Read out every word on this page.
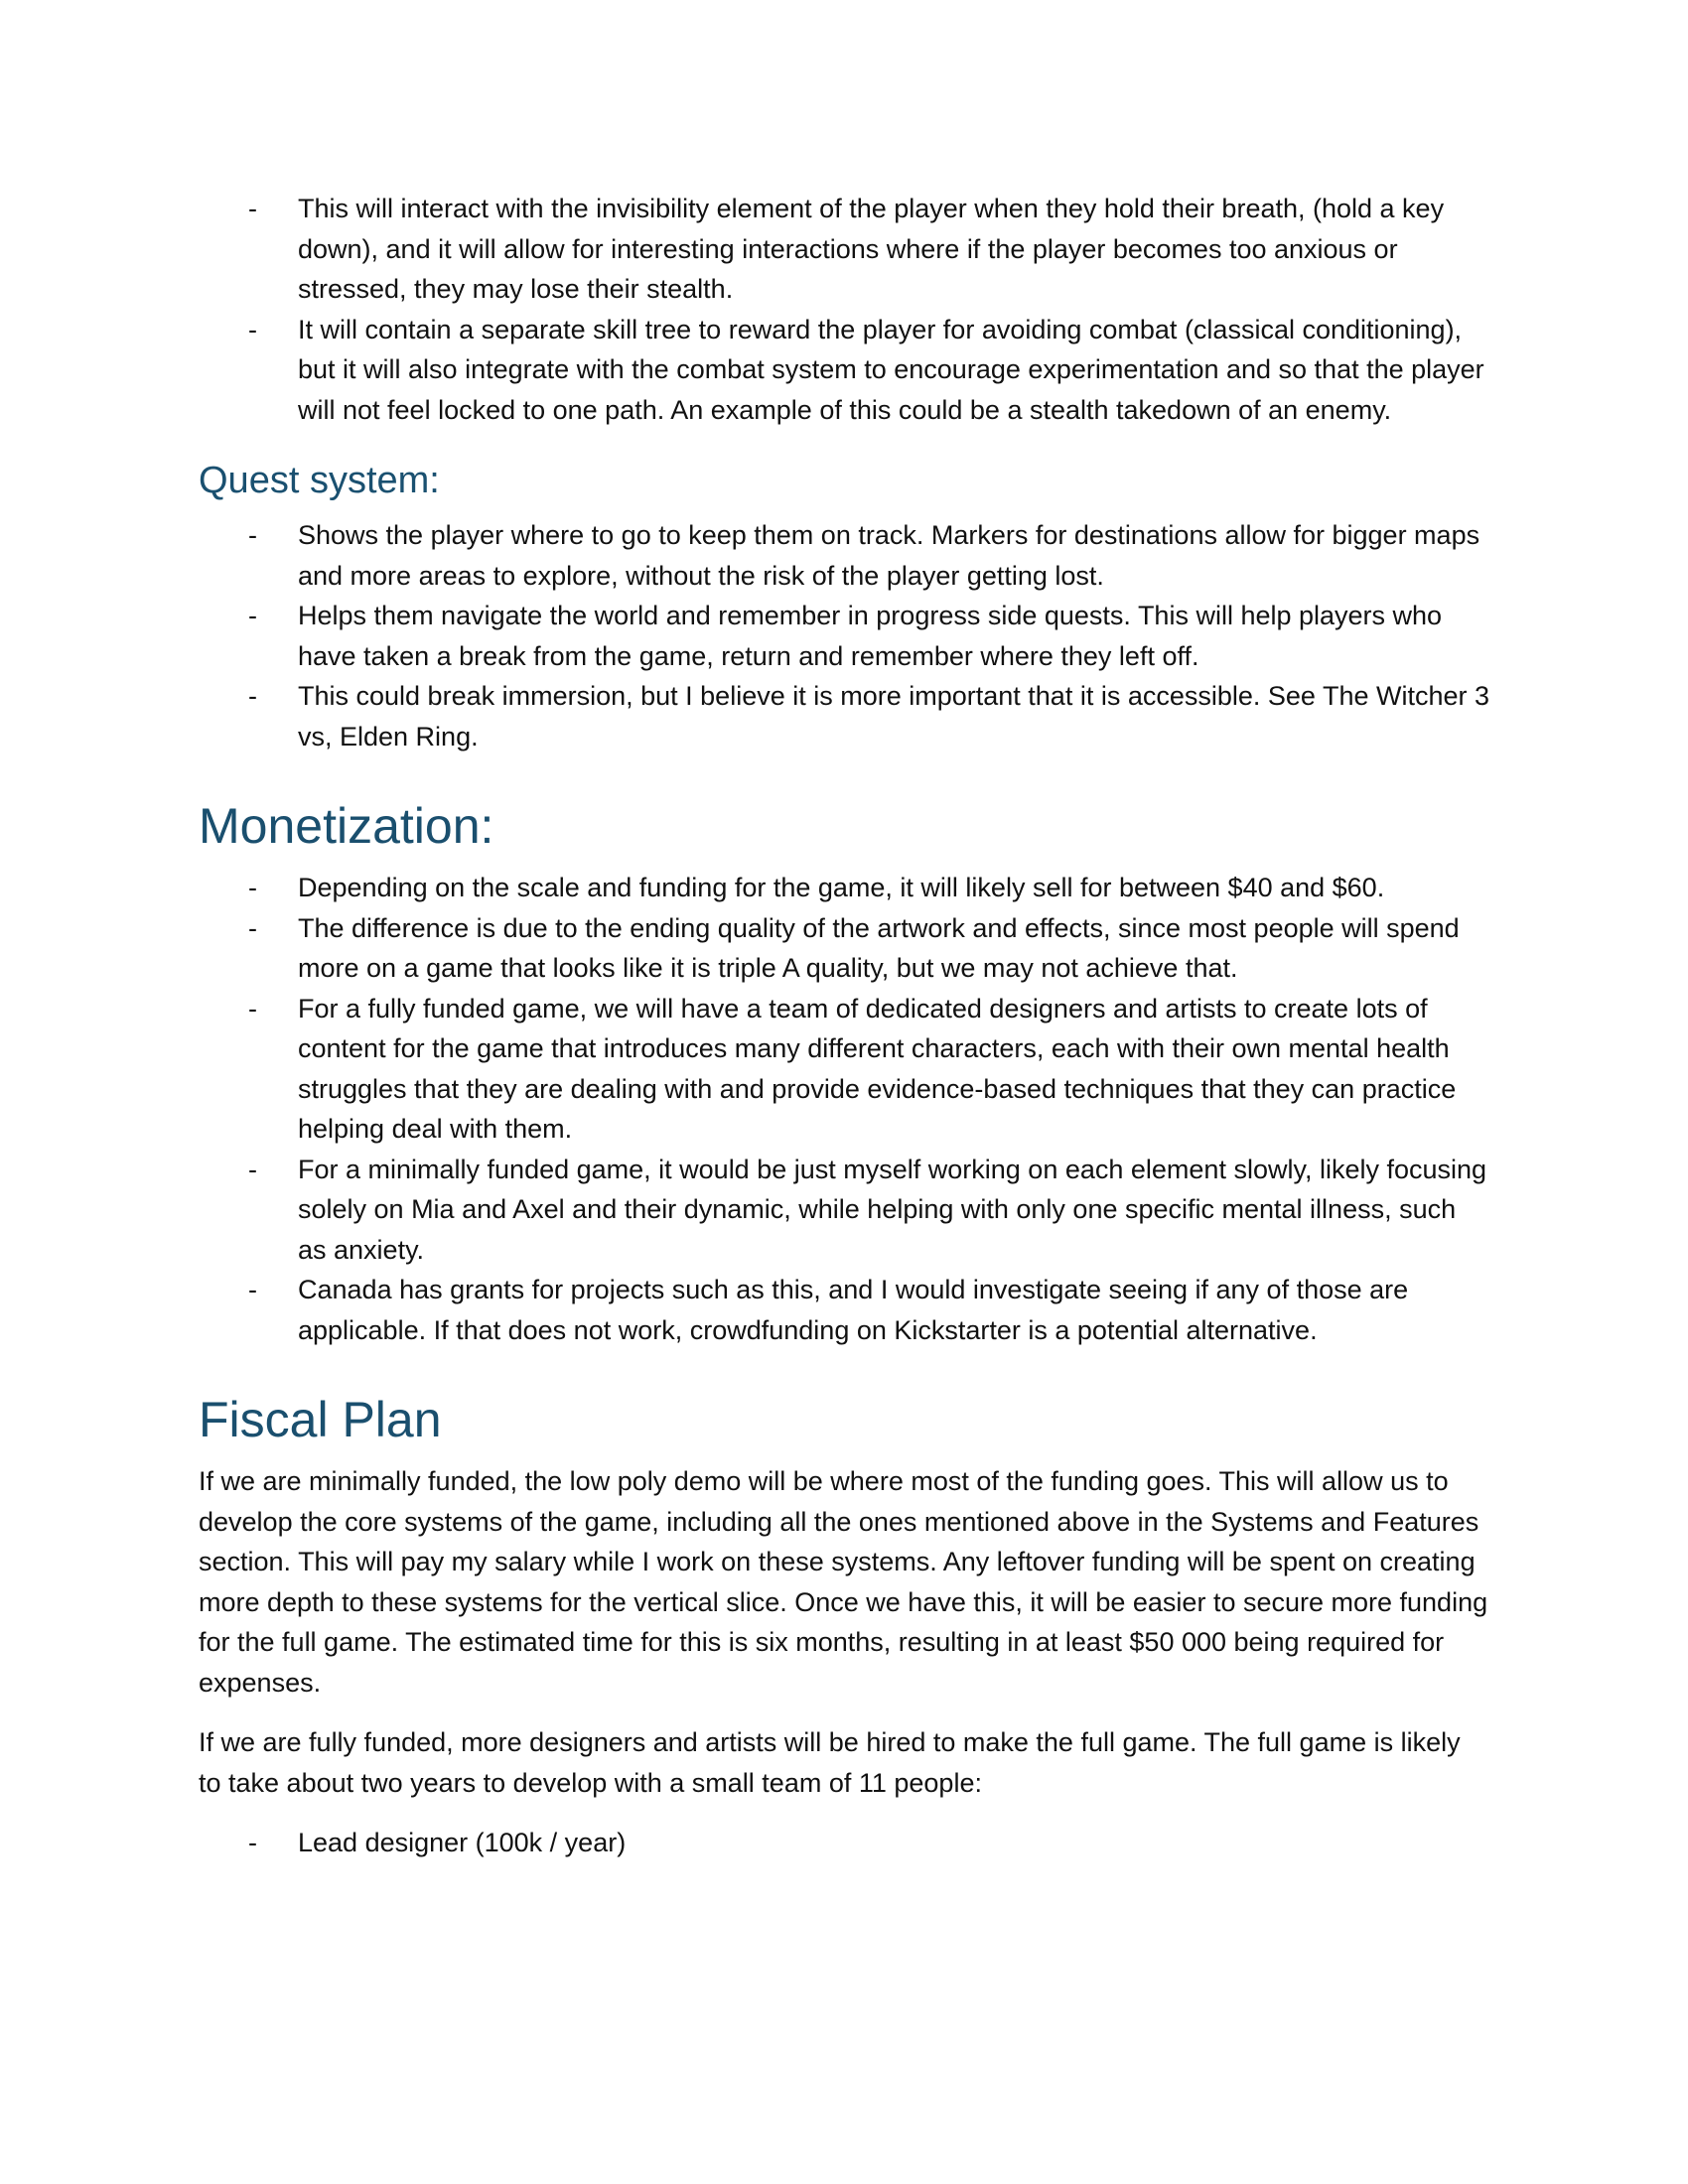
- This will interact with the invisibility element of the player when they hold their breath, (hold a key down), and it will allow for interesting interactions where if the player becomes too anxious or stressed, they may lose their stealth.
- It will contain a separate skill tree to reward the player for avoiding combat (classical conditioning), but it will also integrate with the combat system to encourage experimentation and so that the player will not feel locked to one path. An example of this could be a stealth takedown of an enemy.
Quest system:
- Shows the player where to go to keep them on track. Markers for destinations allow for bigger maps and more areas to explore, without the risk of the player getting lost.
- Helps them navigate the world and remember in progress side quests. This will help players who have taken a break from the game, return and remember where they left off.
- This could break immersion, but I believe it is more important that it is accessible. See The Witcher 3 vs, Elden Ring.
Monetization:
- Depending on the scale and funding for the game, it will likely sell for between $40 and $60.
- The difference is due to the ending quality of the artwork and effects, since most people will spend more on a game that looks like it is triple A quality, but we may not achieve that.
- For a fully funded game, we will have a team of dedicated designers and artists to create lots of content for the game that introduces many different characters, each with their own mental health struggles that they are dealing with and provide evidence-based techniques that they can practice helping deal with them.
- For a minimally funded game, it would be just myself working on each element slowly, likely focusing solely on Mia and Axel and their dynamic, while helping with only one specific mental illness, such as anxiety.
- Canada has grants for projects such as this, and I would investigate seeing if any of those are applicable. If that does not work, crowdfunding on Kickstarter is a potential alternative.
Fiscal Plan

If we are minimally funded, the low poly demo will be where most of the funding goes. This will allow us to develop the core systems of the game, including all the ones mentioned above in the Systems and Features section. This will pay my salary while I work on these systems. Any leftover funding will be spent on creating more depth to these systems for the vertical slice. Once we have this, it will be easier to secure more funding for the full game. The estimated time for this is six months, resulting in at least $50 000 being required for expenses.

If we are fully funded, more designers and artists will be hired to make the full game. The full game is likely to take about two years to develop with a small team of 11 people:

- Lead designer (100k / year)
